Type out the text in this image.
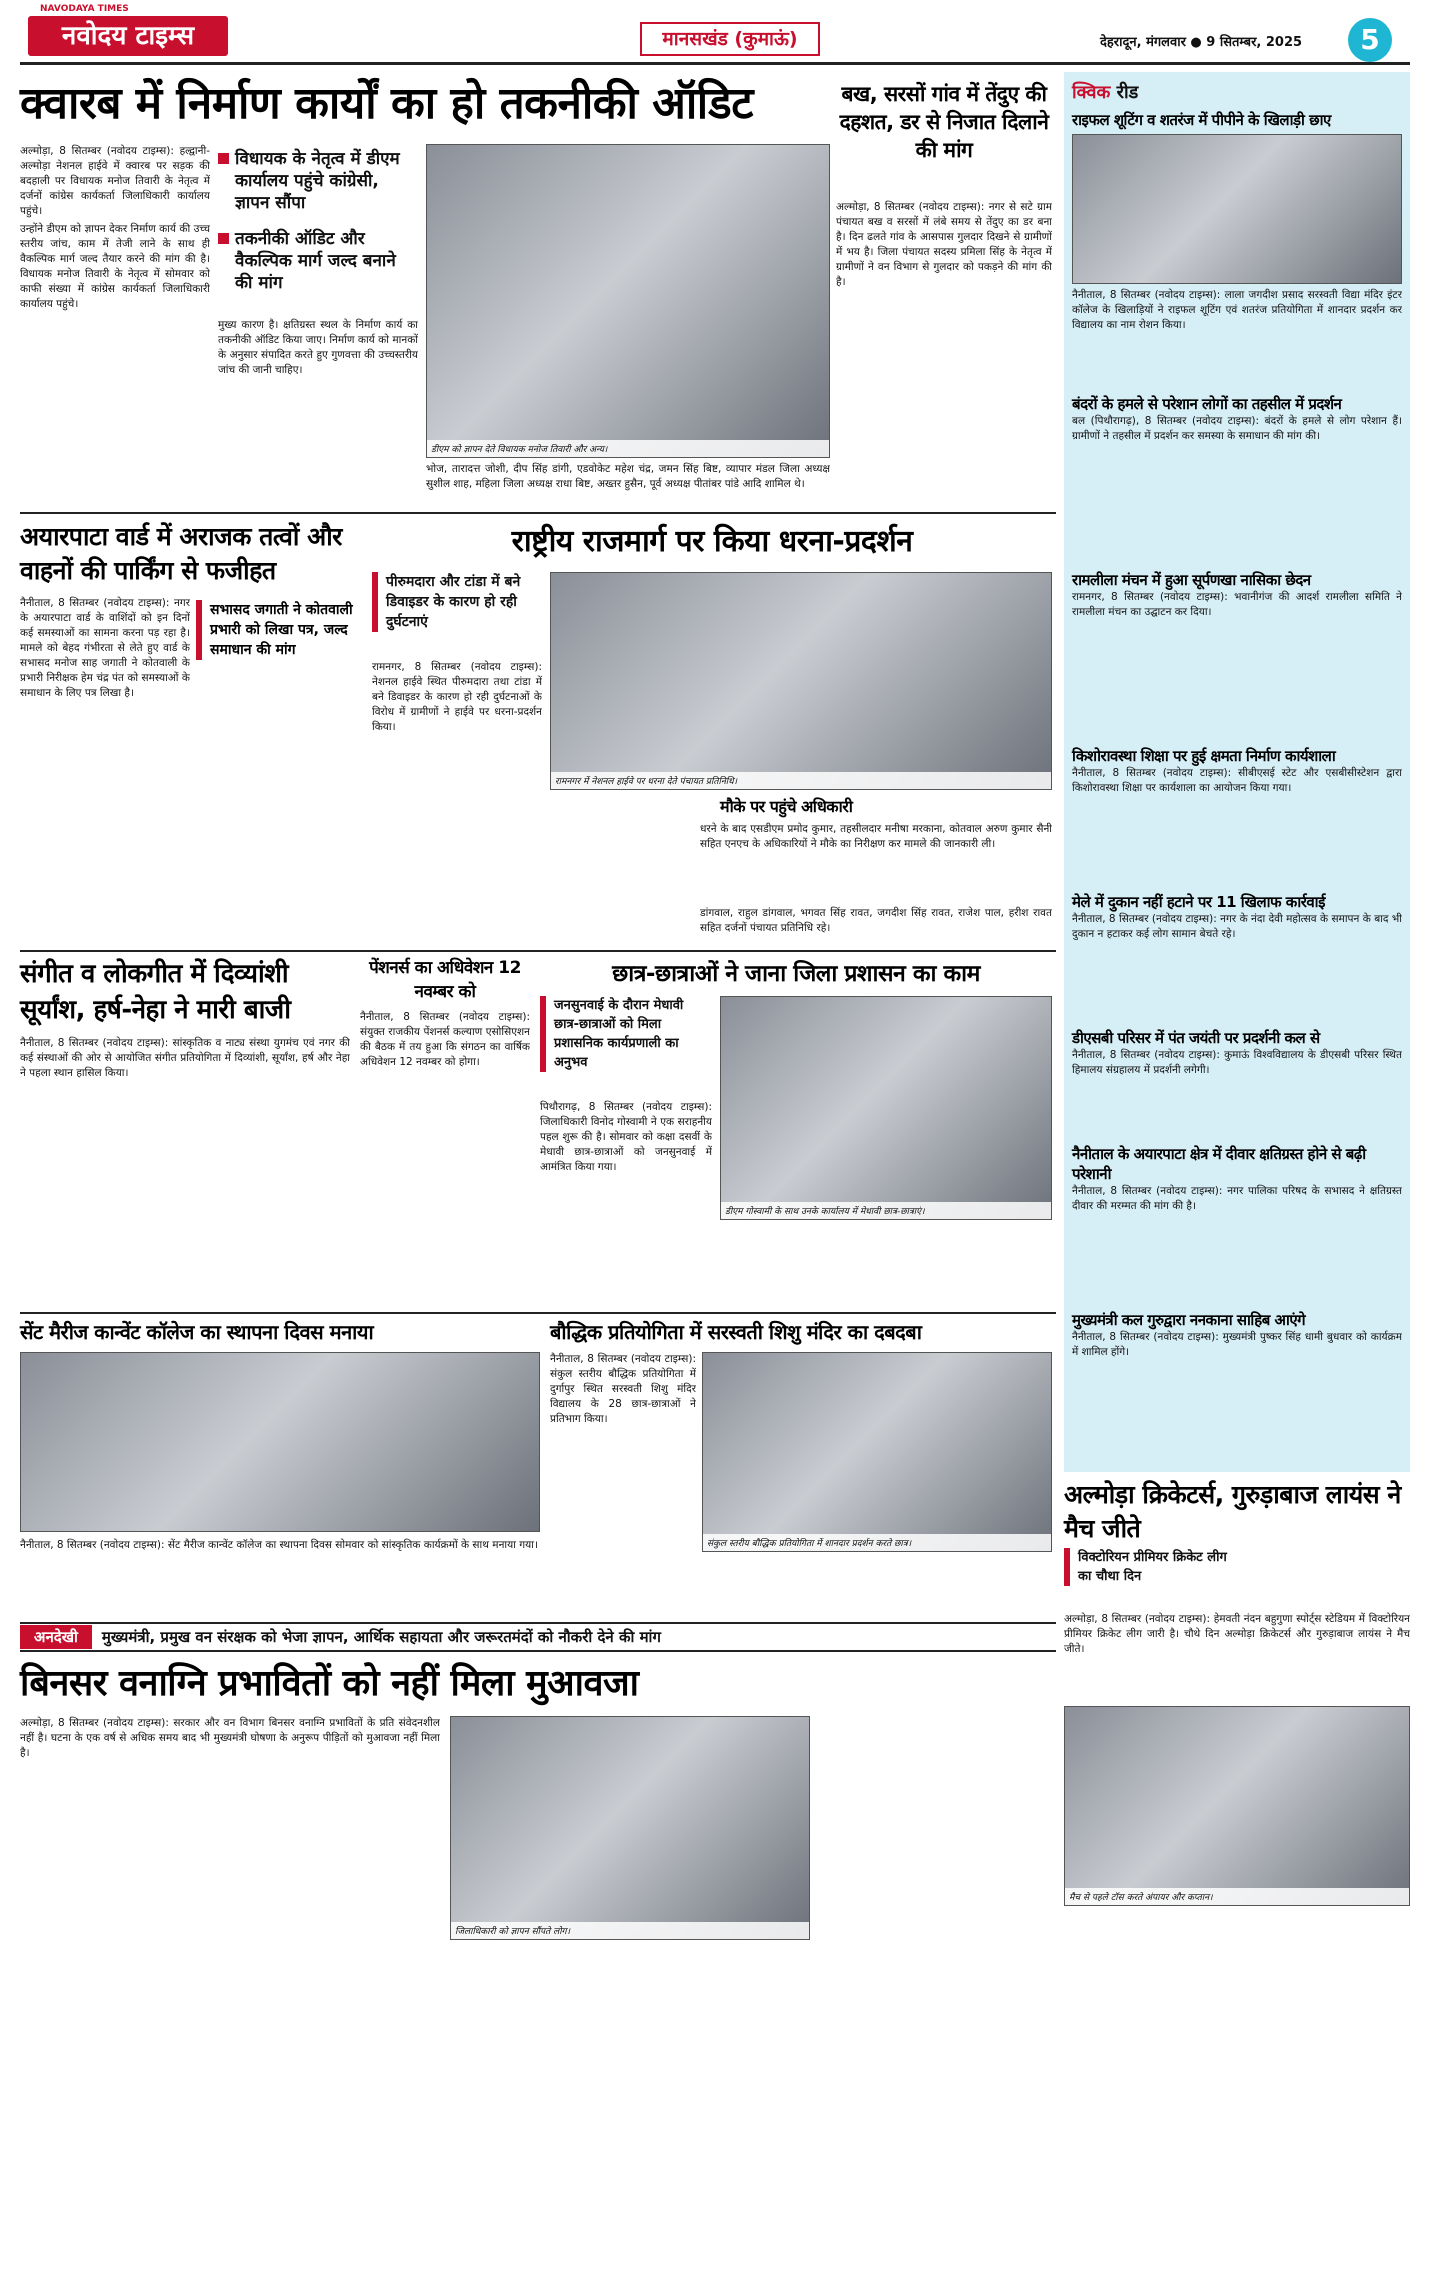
NAVODAYA TIMES
नवोदय टाइम्स	मानसखंड (कुमाऊं)	देहरादून, मंगलवार ● 9 सितम्बर, 2025	5
क्वारब में निर्माण कार्यों का हो तकनीकी ऑडिट

अल्मोड़ा, 8 सितम्बर (नवोदय टाइम्स): हल्द्वानी-अल्मोड़ा नेशनल हाईवे में क्वारब पर सड़क की बदहाली पर विधायक मनोज तिवारी के नेतृत्व में दर्जनों कांग्रेस कार्यकर्ता जिलाधिकारी कार्यालय पहुंचे।

उन्होंने डीएम को ज्ञापन देकर निर्माण कार्य की उच्च स्तरीय जांच, काम में तेजी लाने के साथ ही वैकल्पिक मार्ग जल्द तैयार करने की मांग की है। विधायक मनोज तिवारी के नेतृत्व में सोमवार को काफी संख्या में कांग्रेस कार्यकर्ता जिलाधिकारी कार्यालय पहुंचे।

विधायक के नेतृत्व में डीएम कार्यालय पहुंचे कांग्रेसी, ज्ञापन सौंपा
तकनीकी ऑडिट और वैकल्पिक मार्ग जल्द बनाने की मांग
मुख्य कारण है। क्षतिग्रस्त स्थल के निर्माण कार्य का तकनीकी ऑडिट किया जाए। निर्माण कार्य को मानकों के अनुसार संपादित करते हुए गुणवत्ता की उच्चस्तरीय जांच की जानी चाहिए।
डीएम को ज्ञापन देते विधायक मनोज तिवारी और अन्य।
भोज, तारादत्त जोशी, दीप सिंह डांगी, एडवोकेट महेश चंद्र, जमन सिंह बिष्ट, व्यापार मंडल जिला अध्यक्ष सुशील शाह, महिला जिला अध्यक्ष राधा बिष्ट, अख्तर हुसैन, पूर्व अध्यक्ष पीतांबर पांडे आदि शामिल थे।
बख, सरसों गांव में तेंदुए की दहशत, डर से निजात दिलाने की मांग
अल्मोड़ा, 8 सितम्बर (नवोदय टाइम्स): नगर से सटे ग्राम पंचायत बख व सरसों में लंबे समय से तेंदुए का डर बना है। दिन ढलते गांव के आसपास गुलदार दिखने से ग्रामीणों में भय है। जिला पंचायत सदस्य प्रमिला सिंह के नेतृत्व में ग्रामीणों ने वन विभाग से गुलदार को पकड़ने की मांग की है।
क्विक रीड
राइफल शूटिंग व शतरंज में पीपीने के खिलाड़ी छाए
नैनीताल, 8 सितम्बर (नवोदय टाइम्स): लाला जगदीश प्रसाद सरस्वती विद्या मंदिर इंटर कॉलेज के खिलाड़ियों ने राइफल शूटिंग एवं शतरंज प्रतियोगिता में शानदार प्रदर्शन कर विद्यालय का नाम रोशन किया।
बंदरों के हमले से परेशान लोगों का तहसील में प्रदर्शन
बल (पिथौरागढ़), 8 सितम्बर (नवोदय टाइम्स): बंदरों के हमले से लोग परेशान हैं। ग्रामीणों ने तहसील में प्रदर्शन कर समस्या के समाधान की मांग की।
रामलीला मंचन में हुआ सूर्पणखा नासिका छेदन
रामनगर, 8 सितम्बर (नवोदय टाइम्स): भवानीगंज की आदर्श रामलीला समिति ने रामलीला मंचन का उद्घाटन कर दिया।
किशोरावस्था शिक्षा पर हुई क्षमता निर्माण कार्यशाला
नैनीताल, 8 सितम्बर (नवोदय टाइम्स): सीबीएसई स्टेट और एसबीसीस्टेशन द्वारा किशोरावस्था शिक्षा पर कार्यशाला का आयोजन किया गया।
मेले में दुकान नहीं हटाने पर 11 खिलाफ कार्रवाई
नैनीताल, 8 सितम्बर (नवोदय टाइम्स): नगर के नंदा देवी महोत्सव के समापन के बाद भी दुकान न हटाकर कई लोग सामान बेचते रहे।
डीएसबी परिसर में पंत जयंती पर प्रदर्शनी कल से
नैनीताल, 8 सितम्बर (नवोदय टाइम्स): कुमाऊं विश्वविद्यालय के डीएसबी परिसर स्थित हिमालय संग्रहालय में प्रदर्शनी लगेगी।
नैनीताल के अयारपाटा क्षेत्र में दीवार क्षतिग्रस्त होने से बढ़ी परेशानी
नैनीताल, 8 सितम्बर (नवोदय टाइम्स): नगर पालिका परिषद के सभासद ने क्षतिग्रस्त दीवार की मरम्मत की मांग की है।
मुख्यमंत्री कल गुरुद्वारा ननकाना साहिब आएंगे
नैनीताल, 8 सितम्बर (नवोदय टाइम्स): मुख्यमंत्री पुष्कर सिंह धामी बुधवार को कार्यक्रम में शामिल होंगे।
अयारपाटा वार्ड में अराजक तत्वों और वाहनों की पार्किंग से फजीहत
नैनीताल, 8 सितम्बर (नवोदय टाइम्स): नगर के अयारपाटा वार्ड के वाशिंदों को इन दिनों कई समस्याओं का सामना करना पड़ रहा है। मामले को बेहद गंभीरता से लेते हुए वार्ड के सभासद मनोज साह जगाती ने कोतवाली के प्रभारी निरीक्षक हेम चंद्र पंत को समस्याओं के समाधान के लिए पत्र लिखा है।
सभासद जगाती ने कोतवाली प्रभारी को लिखा पत्र, जल्द समाधान की मांग
राष्ट्रीय राजमार्ग पर किया धरना-प्रदर्शन
पीरुमदारा और टांडा में बने डिवाइडर के कारण हो रही दुर्घटनाएं
रामनगर, 8 सितम्बर (नवोदय टाइम्स): नेशनल हाईवे स्थित पीरुमदारा तथा टांडा में बने डिवाइडर के कारण हो रही दुर्घटनाओं के विरोध में ग्रामीणों ने हाईवे पर धरना-प्रदर्शन किया।
रामनगर में नेशनल हाईवे पर धरना देते पंचायत प्रतिनिधि।
मौके पर पहुंचे अधिकारी
धरने के बाद एसडीएम प्रमोद कुमार, तहसीलदार मनीषा मरकाना, कोतवाल अरुण कुमार सैनी सहित एनएच के अधिकारियों ने मौके का निरीक्षण कर मामले की जानकारी ली।
डांगवाल, राहुल डांगवाल, भगवत सिंह रावत, जगदीश सिंह रावत, राजेश पाल, हरीश रावत सहित दर्जनों पंचायत प्रतिनिधि रहे।
संगीत व लोकगीत में दिव्यांशी सूर्यांश, हर्ष-नेहा ने मारी बाजी
नैनीताल, 8 सितम्बर (नवोदय टाइम्स): सांस्कृतिक व नाट्य संस्था युगमंच एवं नगर की कई संस्थाओं की ओर से आयोजित संगीत प्रतियोगिता में दिव्यांशी, सूर्यांश, हर्ष और नेहा ने पहला स्थान हासिल किया।
पेंशनर्स का अधिवेशन 12 नवम्बर को
नैनीताल, 8 सितम्बर (नवोदय टाइम्स): संयुक्त राजकीय पेंशनर्स कल्याण एसोसिएशन की बैठक में तय हुआ कि संगठन का वार्षिक अधिवेशन 12 नवम्बर को होगा।
छात्र-छात्राओं ने जाना जिला प्रशासन का काम
जनसुनवाई के दौरान मेधावी छात्र-छात्राओं को मिला प्रशासनिक कार्यप्रणाली का अनुभव
पिथौरागढ़, 8 सितम्बर (नवोदय टाइम्स): जिलाधिकारी विनोद गोस्वामी ने एक सराहनीय पहल शुरू की है। सोमवार को कक्षा दसवीं के मेधावी छात्र-छात्राओं को जनसुनवाई में आमंत्रित किया गया।
डीएम गोस्वामी के साथ उनके कार्यालय में मेधावी छात्र-छात्राएं।
सेंट मैरीज कान्वेंट कॉलेज का स्थापना दिवस मनाया
नैनीताल, 8 सितम्बर (नवोदय टाइम्स): सेंट मैरीज कान्वेंट कॉलेज का स्थापना दिवस सोमवार को सांस्कृतिक कार्यक्रमों के साथ मनाया गया।
बौद्धिक प्रतियोगिता में सरस्वती शिशु मंदिर का दबदबा
नैनीताल, 8 सितम्बर (नवोदय टाइम्स): संकुल स्तरीय बौद्धिक प्रतियोगिता में दुर्गापुर स्थित सरस्वती शिशु मंदिर विद्यालय के 28 छात्र-छात्राओं ने प्रतिभाग किया।
संकुल स्तरीय बौद्धिक प्रतियोगिता में शानदार प्रदर्शन करते छात्र।
अनदेखी	मुख्यमंत्री, प्रमुख वन संरक्षक को भेजा ज्ञापन, आर्थिक सहायता और जरूरतमंदों को नौकरी देने की मांग
बिनसर वनाग्नि प्रभावितों को नहीं मिला मुआवजा
अल्मोड़ा, 8 सितम्बर (नवोदय टाइम्स): सरकार और वन विभाग बिनसर वनाग्नि प्रभावितों के प्रति संवेदनशील नहीं है। घटना के एक वर्ष से अधिक समय बाद भी मुख्यमंत्री घोषणा के अनुरूप पीड़ितों को मुआवजा नहीं मिला है।
जिलाधिकारी को ज्ञापन सौंपते लोग।
अल्मोड़ा क्रिकेटर्स, गुरुड़ाबाज लायंस ने मैच जीते
विक्टोरियन प्रीमियर क्रिकेट लीग का चौथा दिन
अल्मोड़ा, 8 सितम्बर (नवोदय टाइम्स): हेमवती नंदन बहुगुणा स्पोर्ट्स स्टेडियम में विक्टोरियन प्रीमियर क्रिकेट लीग जारी है। चौथे दिन अल्मोड़ा क्रिकेटर्स और गुरुड़ाबाज लायंस ने मैच जीते।
मैच से पहले टॉस करते अंपायर और कप्तान।
